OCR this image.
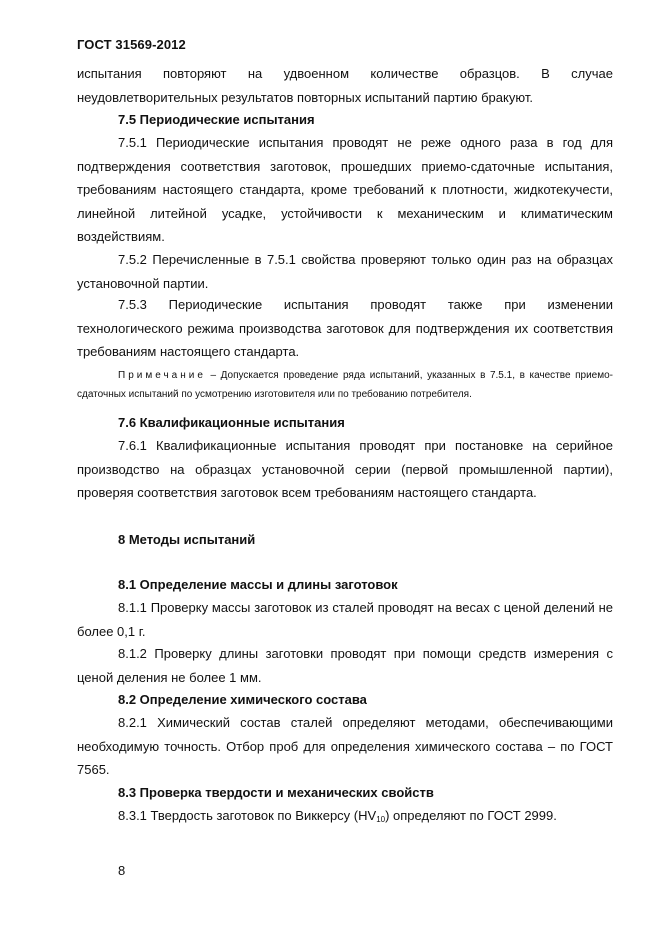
ГОСТ 31569-2012
испытания повторяют на удвоенном количестве образцов. В случае неудовлетворительных результатов повторных испытаний партию бракуют.
7.5 Периодические испытания
7.5.1 Периодические испытания проводят не реже одного раза в год для подтверждения соответствия заготовок, прошедших приемо-сдаточные испытания, требованиям настоящего стандарта, кроме требований к плотности, жидкотекучести, линейной литейной усадке, устойчивости к механическим и климатическим воздействиям.
7.5.2 Перечисленные в 7.5.1 свойства проверяют только один раз на образцах установочной партии.
7.5.3 Периодические испытания проводят также при изменении технологического режима производства заготовок для подтверждения их соответствия требованиям настоящего стандарта.
Примечание – Допускается проведение ряда испытаний, указанных в 7.5.1, в качестве приемо-сдаточных испытаний по усмотрению изготовителя или по требованию потребителя.
7.6 Квалификационные испытания
7.6.1 Квалификационные испытания проводят при постановке на серийное производство на образцах установочной серии (первой промышленной партии), проверяя соответствия заготовок всем требованиям настоящего стандарта.
8 Методы испытаний
8.1 Определение массы и длины заготовок
8.1.1 Проверку массы заготовок из сталей проводят на весах с ценой делений не более 0,1 г.
8.1.2 Проверку длины заготовки проводят при помощи средств измерения с ценой деления не более 1 мм.
8.2 Определение химического состава
8.2.1 Химический состав сталей определяют методами, обеспечивающими необходимую точность. Отбор проб для определения химического состава – по ГОСТ 7565.
8.3 Проверка твердости и механических свойств
8.3.1 Твердость заготовок по Виккерсу $(HV_{10})$ определяют по ГОСТ 2999.
8
